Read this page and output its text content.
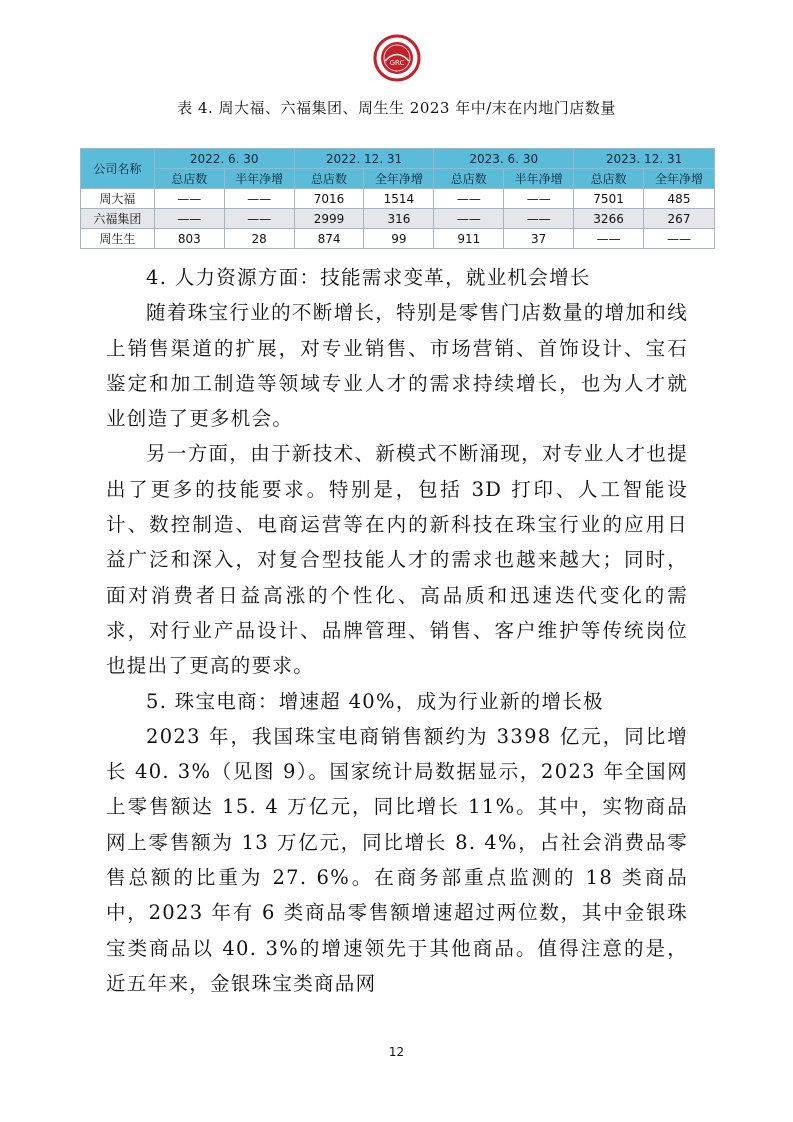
GRC
表 4. 周大福、六福集团、周生生 2023 年中/末在内地门店数量
公司名称	2022. 6. 30		2022. 12. 31		2023. 6. 30		2023. 12. 31	
	总店数	半年净增	总店数	全年净增	总店数	半年净增	总店数	全年净增
周大福	——	——	7016	1514	——	——	7501	485
六福集团	——	——	2999	316	——	——	3266	267
周生生	803	28	874	99	911	37	——	——
4. 人力资源方面：技能需求变革，就业机会增长

随着珠宝行业的不断增长，特别是零售门店数量的增加和线上销售渠道的扩展，对专业销售、市场营销、首饰设计、宝石鉴定和加工制造等领域专业人才的需求持续增长，也为人才就业创造了更多机会。

另一方面，由于新技术、新模式不断涌现，对专业人才也提出了更多的技能要求。特别是，包括 3D 打印、人工智能设计、数控制造、电商运营等在内的新科技在珠宝行业的应用日益广泛和深入，对复合型技能人才的需求也越来越大；同时，面对消费者日益高涨的个性化、高品质和迅速迭代变化的需求，对行业产品设计、品牌管理、销售、客户维护等传统岗位也提出了更高的要求。

5. 珠宝电商：增速超 40%，成为行业新的增长极

2023 年，我国珠宝电商销售额约为 3398 亿元，同比增长 40. 3%（见图 9）。国家统计局数据显示，2023 年全国网上零售额达 15. 4 万亿元，同比增长 11%。其中，实物商品网上零售额为 13 万亿元，同比增长 8. 4%，占社会消费品零售总额的比重为 27. 6%。在商务部重点监测的 18 类商品中，2023 年有 6 类商品零售额增速超过两位数，其中金银珠宝类商品以 40. 3%的增速领先于其他商品。值得注意的是，近五年来，金银珠宝类商品网

12
